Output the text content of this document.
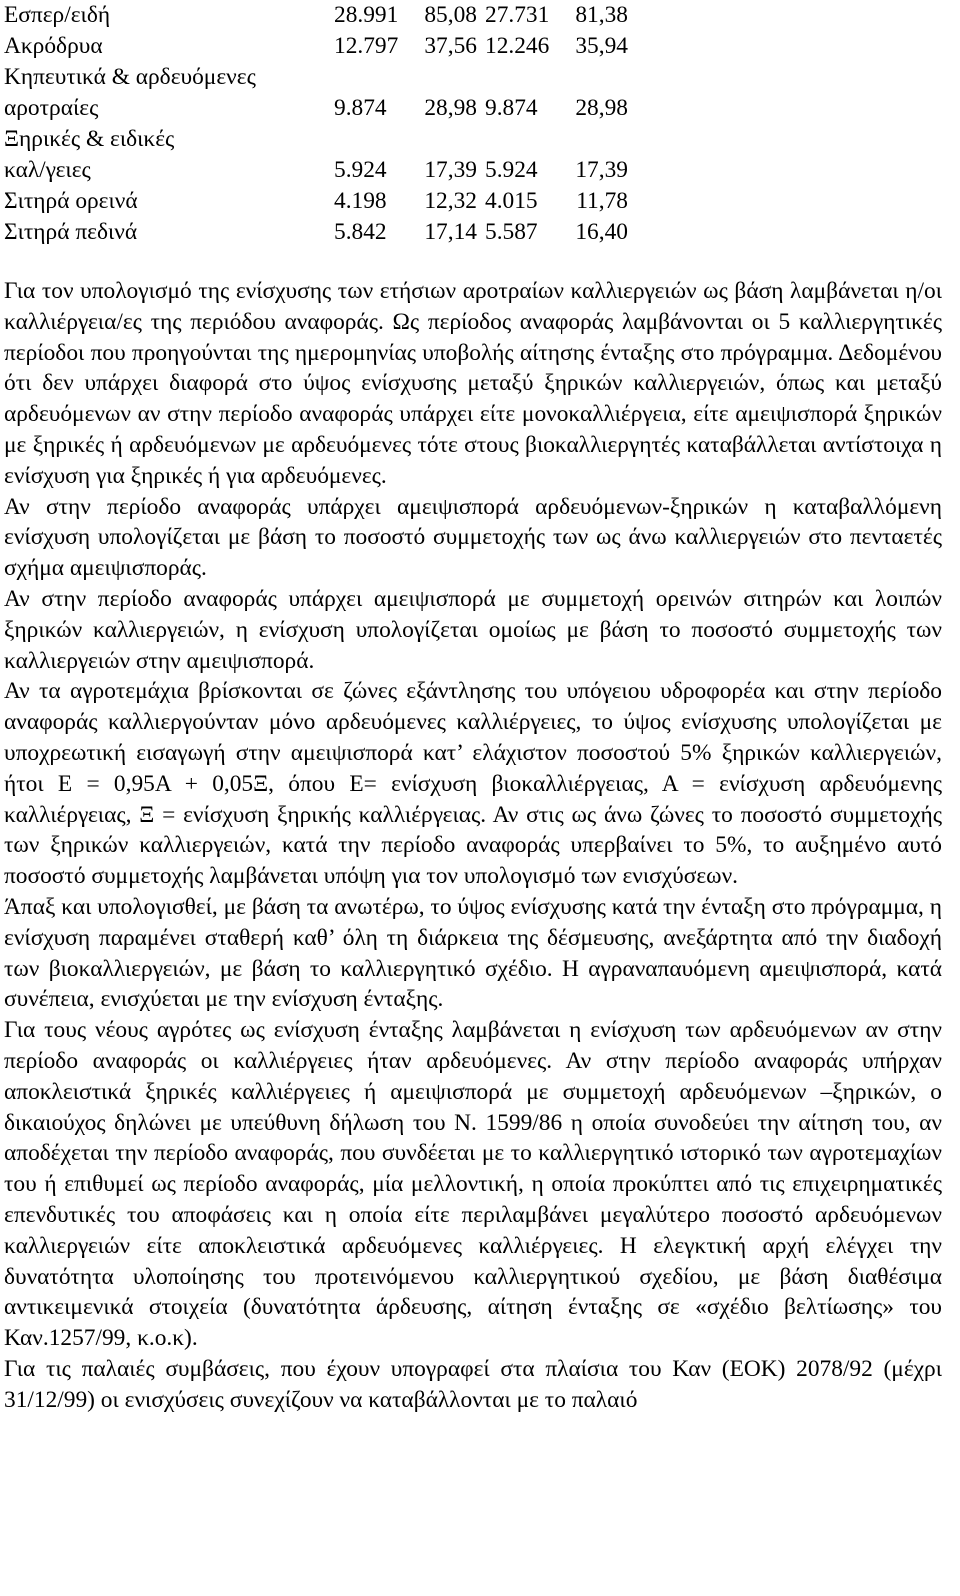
Εσπερ/ειδή	28.991	85,08 27.731	81,38
Ακρόδρυα	12.797	37,56 12.246	35,94
Κηπευτικά & αρδευόμενες
αροτραίες	9.874	28,98 9.874	28,98
Ξηρικές & ειδικές
καλ/γειες	5.924	17,39 5.924	17,39
Σιτηρά ορεινά	4.198	12,32 4.015	11,78
Σιτηρά πεδινά	5.842	17,14 5.587	16,40

Για τον υπολογισμό της ενίσχυσης των ετήσιων αροτραίων καλλιεργειών ως βάση λαμβάνεται η/οι καλλιέργεια/ες της περιόδου αναφοράς. Ως περίοδος αναφοράς λαμβάνονται οι 5 καλλιεργητικές περίοδοι που προηγούνται της ημερομηνίας υποβολής αίτησης ένταξης στο πρόγραμμα. Δεδομένου ότι δεν υπάρχει διαφορά στο ύψος ενίσχυσης μεταξύ ξηρικών καλλιεργειών, όπως και μεταξύ αρδευόμενων αν στην περίοδο αναφοράς υπάρχει είτε μονοκαλλιέργεια, είτε αμειψισπορά ξηρικών με ξηρικές ή αρδευόμενων με αρδευόμενες τότε στους βιοκαλλιεργητές καταβάλλεται αντίστοιχα η ενίσχυση για ξηρικές ή για αρδευόμενες.

Αν στην περίοδο αναφοράς υπάρχει αμειψισπορά αρδευόμενων-ξηρικών η καταβαλλόμενη ενίσχυση υπολογίζεται με βάση το ποσοστό συμμετοχής των ως άνω καλλιεργειών στο πενταετές σχήμα αμειψισποράς.

Αν στην περίοδο αναφοράς υπάρχει αμειψισπορά με συμμετοχή ορεινών σιτηρών και λοιπών ξηρικών καλλιεργειών, η ενίσχυση υπολογίζεται ομοίως με βάση το ποσοστό συμμετοχής των καλλιεργειών στην αμειψισπορά.

Αν τα αγροτεμάχια βρίσκονται σε ζώνες εξάντλησης του υπόγειου υδροφορέα και στην περίοδο αναφοράς καλλιεργούνταν μόνο αρδευόμενες καλλιέργειες, το ύψος ενίσχυσης υπολογίζεται με υποχρεωτική εισαγωγή στην αμειψισπορά κατ’ ελάχιστον ποσοστού 5% ξηρικών καλλιεργειών, ήτοι Ε = 0,95Α + 0,05Ξ, όπου Ε= ενίσχυση βιοκαλλιέργειας, Α = ενίσχυση αρδευόμενης καλλιέργειας, Ξ = ενίσχυση ξηρικής καλλιέργειας. Αν στις ως άνω ζώνες το ποσοστό συμμετοχής των ξηρικών καλλιεργειών, κατά την περίοδο αναφοράς υπερβαίνει το 5%, το αυξημένο αυτό ποσοστό συμμετοχής λαμβάνεται υπόψη για τον υπολογισμό των ενισχύσεων.

Άπαξ και υπολογισθεί, με βάση τα ανωτέρω, το ύψος ενίσχυσης κατά την ένταξη στο πρόγραμμα, η ενίσχυση παραμένει σταθερή καθ’ όλη τη διάρκεια της δέσμευσης, ανεξάρτητα από την διαδοχή των βιοκαλλιεργειών, με βάση το καλλιεργητικό σχέδιο. Η αγραναπαυόμενη αμειψισπορά, κατά συνέπεια, ενισχύεται με την ενίσχυση ένταξης.

Για τους νέους αγρότες ως ενίσχυση ένταξης λαμβάνεται η ενίσχυση των αρδευόμενων αν στην περίοδο αναφοράς οι καλλιέργειες ήταν αρδευόμενες. Αν στην περίοδο αναφοράς υπήρχαν αποκλειστικά ξηρικές καλλιέργειες ή αμειψισπορά με συμμετοχή αρδευόμενων –ξηρικών, ο δικαιούχος δηλώνει με υπεύθυνη δήλωση του Ν. 1599/86 η οποία συνοδεύει την αίτηση του, αν αποδέχεται την περίοδο αναφοράς, που συνδέεται με το καλλιεργητικό ιστορικό των αγροτεμαχίων του ή επιθυμεί ως περίοδο αναφοράς, μία μελλοντική, η οποία προκύπτει από τις επιχειρηματικές επενδυτικές του αποφάσεις και η οποία είτε περιλαμβάνει μεγαλύτερο ποσοστό αρδευόμενων καλλιεργειών είτε αποκλειστικά αρδευόμενες καλλιέργειες. Η ελεγκτική αρχή ελέγχει την δυνατότητα υλοποίησης του προτεινόμενου καλλιεργητικού σχεδίου, με βάση διαθέσιμα αντικειμενικά στοιχεία (δυνατότητα άρδευσης, αίτηση ένταξης σε «σχέδιο βελτίωσης» του Καν.1257/99, κ.ο.κ).

Για τις παλαιές συμβάσεις, που έχουν υπογραφεί στα πλαίσια του Καν (ΕΟΚ) 2078/92 (μέχρι 31/12/99) οι ενισχύσεις συνεχίζουν να καταβάλλονται με το παλαιό
